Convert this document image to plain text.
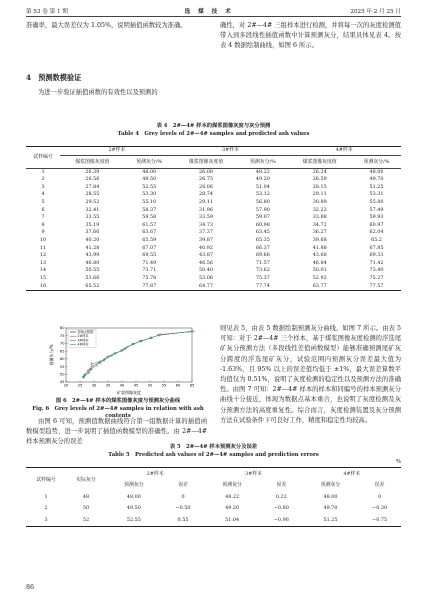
第 53 卷 第 1 期	选 煤 技 术	2025 年 2 月 25 日
准确率，最大误差仅为 1.05%，说明插值函数较为准确。
4　预测数模验证
为进一步验证插值函数的有效性以及预测的
确性，对 2#—4# 三组样本进行检测，并将每一次的灰度检测值带入到多段线性插值函数中计算预测灰分，结果具体见表 4。按表 4 数据绘制曲线，如图 6 所示。
表 4　2#—4# 样本的煤浆图像灰度与灰分预测
Table 4　Grey levels of 2#—4# samples and predicted ash values
试样编号	2#样本		3#样本		4#样本	
	煤浆图像灰度值	预测灰分/%	煤浆图像灰度值	预测灰分/%	煤浆图像灰度值	预测灰分/%
1	26.39	48.00	26.08	48.22	26.24	48.00
2	26.56	49.50	26.75	49.20	26.59	49.70
3	27.84	52.55	28.06	51.04	28.15	51.25
4	28.55	53.30	28.74	53.12	29.11	53.31
5	29.52	55.10	29.11	56.80	30.89	55.80
6	32.41	58.37	31.96	57.90	32.23	57.49
7	33.55	59.58	33.59	59.07	33.88	59.93
8	35.19	61.57	34.73	60.98	34.72	60.97
9	37.66	63.67	37.37	63.45	36.27	62.04
10	40.20	65.59	39.87	65.35	39.68	65.2
11	41.28	67.07	40.92	66.37	41.88	67.85
12	43.99	69.55	43.87	69.66	43.68	69.33
13	46.80	71.49	46.56	71.57	46.84	71.42
14	50.55	73.71	50.40	73.62	50.01	73.40
15	53.66	75.78	53.06	75.37	52.92	75.27
16	65.52	77.87	64.77	77.74	63.77	77.57
20	25	30	35	40	45	50	55	60	65
45
50
55
60
65
70
75
80
矿浆图像灰度
预测灰分/%
原始点数据
2#样本
3#样本
4#样本
图 6　2#—4# 样本的煤浆图像灰度与预测灰分曲线
Fig. 6　Grey levels of 2#—4# samples in relation with ash contents
由图 6 可知，预测值数据曲线符合第一组数据计算的插值函数模型趋势，进一步说明了插值函数模型的准确性。由 2#—4# 样本预测灰分的误差
则见表 5，由表 5 数据绘制预测灰分曲线，如图 7 所示。由表 5 可知：对于 2#—4# 三个样本，基于煤浆图像灰度检测的浮选尾矿灰分预测方法（多段线性差值函数模型）能够准确预测尾矿灰分跨度的浮选尾矿灰分，试验范围内预测灰分误差最大值为 -1.63%，且 95% 以上的误差值均低于 ±1%，最大误差算数平均值仅为 0.51%，说明了灰度检测的稳定性以及预测方法的准确性。由图 7 可知：2#—4# 样本的样本和同编号的样本预测灰分曲线十分接近，体现为数据点基本重合，也说明了灰度检测及灰分预测方法的高度重复性。综合而言，灰度检测装置及灰分预测方法在试验条件下可良好工作，精度和稳定性均较高。
表 5　2#—4# 样本预测灰分及误差
Table 5　Predicted ash values of 2#—4# samples and prediction errors
%
试样编号	实际灰分	2#样本		3#样本		4#样本	
		预测灰分	误差	预测灰分	误差	预测灰分	误差
1	48	48.00	0	48.22	0.22	48.00	0
2	50	49.50	−0.50	49.20	−0.80	49.70	−0.30
3	52	52.55	0.55	51.04	−0.96	51.25	−0.75
86
